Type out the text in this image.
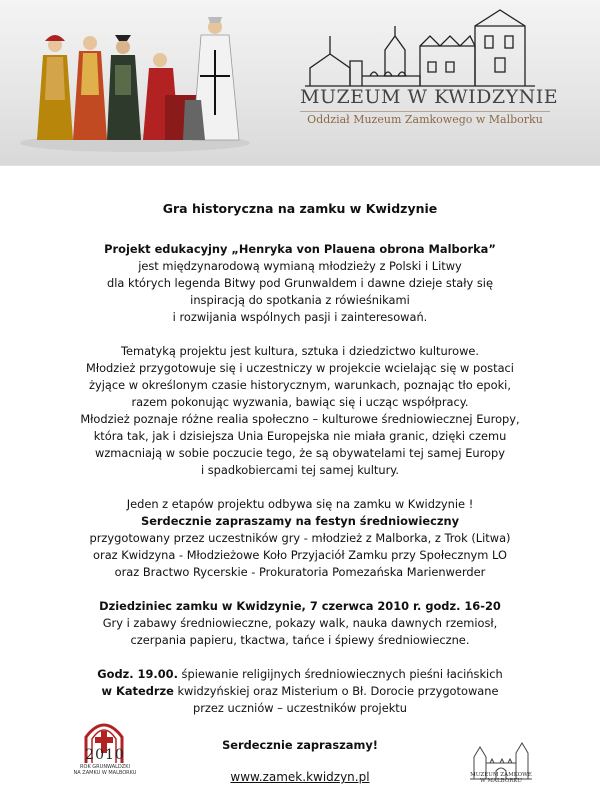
MUZEUM W KWIDZYNIE
Oddział Muzeum Zamkowego w Malborku

Gra historyczna na zamku w Kwidzynie

Projekt edukacyjny „Henryka von Plauena obrona Malborka”
jest międzynarodową wymianą młodzieży z Polski i Litwy
dla których legenda Bitwy pod Grunwaldem i dawne dzieje stały się
inspiracją do spotkania z rówieśnikami
i rozwijania wspólnych pasji i zainteresowań.

Tematyką projektu jest kultura, sztuka i dziedzictwo kulturowe.
Młodzież przygotowuje się i uczestniczy w projekcie wcielając się w postaci
żyjące w określonym czasie historycznym, warunkach, poznając tło epoki,
razem pokonując wyzwania, bawiąc się i ucząc współpracy.
Młodzież poznaje różne realia społeczno – kulturowe średniowiecznej Europy,
która tak, jak i dzisiejsza Unia Europejska nie miała granic, dzięki czemu
wzmacniają w sobie poczucie tego, że są obywatelami tej samej Europy
i spadkobiercami tej samej kultury.

Jeden z etapów projektu odbywa się na zamku w Kwidzynie !
Serdecznie zapraszamy na festyn średniowieczny
przygotowany przez uczestników gry - młodzież z Malborka, z Trok (Litwa)
oraz Kwidzyna - Młodzieżowe Koło Przyjaciół Zamku przy Społecznym LO
oraz Bractwo Rycerskie - Prokuratoria Pomezańska Marienwerder

Dziedziniec zamku w Kwidzynie, 7 czerwca 2010 r. godz. 16-20
Gry i zabawy średniowieczne, pokazy walk, nauka dawnych rzemiosł,
czerpania papieru, tkactwa, tańce i śpiewy średniowieczne.

Godz. 19.00. śpiewanie religijnych średniowiecznych pieśni łacińskich
w Katedrze kwidzyńskiej oraz Misterium o Bł. Dorocie przygotowane
przez uczniów – uczestników projektu

2010
ROK GRUNWALDZKI
NA ZAMKU W MALBORKU
Serdecznie zapraszamy!
www.zamek.kwidzyn.pl	MUZEUM ZAMKOWE
W MALBORKU
